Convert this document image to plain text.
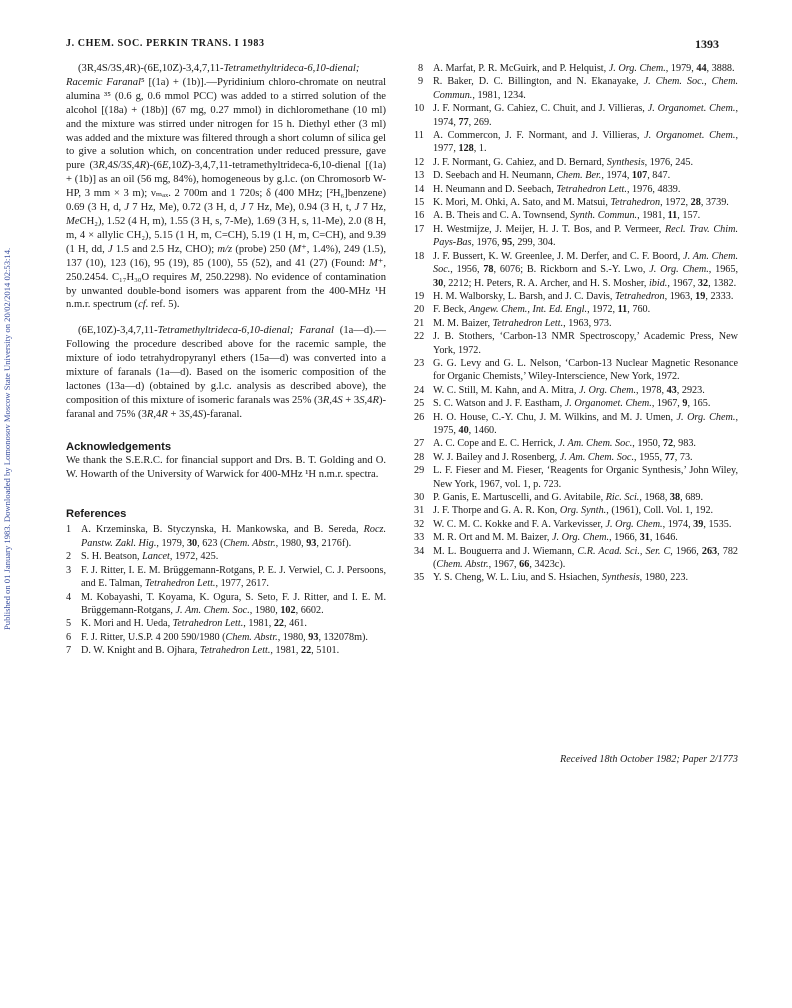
Published on 01 January 1983. Downloaded by Lomonosov Moscow State University on 20/02/2014 02:53:14.
J. CHEM. SOC. PERKIN TRANS. I 1983	1393

(3R,4S/3S,4R)-(6E,10Z)-3,4,7,11-Tetramethyltrideca-6,10-dienal; Racemic Faranal⁵ [(1a) + (1b)].—Pyridinium chloro-chromate on neutral alumina ³⁵ (0.6 g, 0.6 mmol PCC) was added to a stirred solution of the alcohol [(18a) + (18b)] (67 mg, 0.27 mmol) in dichloromethane (10 ml) and the mixture was stirred under nitrogen for 15 h. Diethyl ether (3 ml) was added and the mixture was filtered through a short column of silica gel to give a solution which, on concentration under reduced pressure, gave pure (3R,4S/3S,4R)-(6E,10Z)-3,4,7,11-tetramethyltrideca-6,10-dienal [(1a) + (1b)] as an oil (56 mg, 84%), homogeneous by g.l.c. (on Chromosorb W-HP, 3 mm × 3 m); νₘₐₓ. 2 700m and 1 720s; δ (400 MHz; [²H₆]benzene) 0.69 (3 H, d, J 7 Hz, Me), 0.72 (3 H, d, J 7 Hz, Me), 0.94 (3 H, t, J 7 Hz, MeCH₂), 1.52 (4 H, m), 1.55 (3 H, s, 7-Me), 1.69 (3 H, s, 11-Me), 2.0 (8 H, m, 4 × allylic CH₂), 5.15 (1 H, m, C=CH), 5.19 (1 H, m, C=CH), and 9.39 (1 H, dd, J 1.5 and 2.5 Hz, CHO); m/z (probe) 250 (M⁺, 1.4%), 249 (1.5), 137 (10), 123 (16), 95 (19), 85 (100), 55 (52), and 41 (27) (Found: M⁺, 250.2454. C₁₇H₃₀O requires M, 250.2298). No evidence of contamination by unwanted double-bond isomers was apparent from the 400-MHz ¹H n.m.r. spectrum (cf. ref. 5).

(6E,10Z)-3,4,7,11-Tetramethyltrideca-6,10-dienal; Faranal (1a—d).—Following the procedure described above for the racemic sample, the mixture of iodo tetrahydropyranyl ethers (15a—d) was converted into a mixture of faranals (1a—d). Based on the isomeric composition of the lactones (13a—d) (obtained by g.l.c. analysis as described above), the composition of this mixture of isomeric faranals was 25% (3R,4S + 3S,4R)-faranal and 75% (3R,4R + 3S,4S)-faranal.

Acknowledgements

We thank the S.E.R.C. for financial support and Drs. B. T. Golding and O. W. Howarth of the University of Warwick for 400-MHz ¹H n.m.r. spectra.

References
1 A. Krzeminska, B. Styczynska, H. Mankowska, and B. Sereda, Rocz. Panstw. Zakl. Hig., 1979, 30, 623 (Chem. Abstr., 1980, 93, 2176f).
2 S. H. Beatson, Lancet, 1972, 425.
3 F. J. Ritter, I. E. M. Brüggemann-Rotgans, P. E. J. Verwiel, C. J. Persoons, and E. Talman, Tetrahedron Lett., 1977, 2617.
4 M. Kobayashi, T. Koyama, K. Ogura, S. Seto, F. J. Ritter, and I. E. M. Brüggemann-Rotgans, J. Am. Chem. Soc., 1980, 102, 6602.
5 K. Mori and H. Ueda, Tetrahedron Lett., 1981, 22, 461.
6 F. J. Ritter, U.S.P. 4 200 590/1980 (Chem. Abstr., 1980, 93, 132078m).
7 D. W. Knight and B. Ojhara, Tetrahedron Lett., 1981, 22, 5101.
8 A. Marfat, P. R. McGuirk, and P. Helquist, J. Org. Chem., 1979, 44, 3888.
9 R. Baker, D. C. Billington, and N. Ekanayake, J. Chem. Soc., Chem. Commun., 1981, 1234.
10 J. F. Normant, G. Cahiez, C. Chuit, and J. Villieras, J. Organomet. Chem., 1974, 77, 269.
11 A. Commercon, J. F. Normant, and J. Villieras, J. Organomet. Chem., 1977, 128, 1.
12 J. F. Normant, G. Cahiez, and D. Bernard, Synthesis, 1976, 245.
13 D. Seebach and H. Neumann, Chem. Ber., 1974, 107, 847.
14 H. Neumann and D. Seebach, Tetrahedron Lett., 1976, 4839.
15 K. Mori, M. Ohki, A. Sato, and M. Matsui, Tetrahedron, 1972, 28, 3739.
16 A. B. Theis and C. A. Townsend, Synth. Commun., 1981, 11, 157.
17 H. Westmijze, J. Meijer, H. J. T. Bos, and P. Vermeer, Recl. Trav. Chim. Pays-Bas, 1976, 95, 299, 304.
18 J. F. Bussert, K. W. Greenlee, J. M. Derfer, and C. F. Boord, J. Am. Chem. Soc., 1956, 78, 6076; B. Rickborn and S.-Y. Lwo, J. Org. Chem., 1965, 30, 2212; H. Peters, R. A. Archer, and H. S. Mosher, ibid., 1967, 32, 1382.
19 H. M. Walborsky, L. Barsh, and J. C. Davis, Tetrahedron, 1963, 19, 2333.
20 F. Beck, Angew. Chem., Int. Ed. Engl., 1972, 11, 760.
21 M. M. Baizer, Tetrahedron Lett., 1963, 973.
22 J. B. Stothers, ‘Carbon-13 NMR Spectroscopy,’ Academic Press, New York, 1972.
23 G. G. Levy and G. L. Nelson, ‘Carbon-13 Nuclear Magnetic Resonance for Organic Chemists,’ Wiley-Interscience, New York, 1972.
24 W. C. Still, M. Kahn, and A. Mitra, J. Org. Chem., 1978, 43, 2923.
25 S. C. Watson and J. F. Eastham, J. Organomet. Chem., 1967, 9, 165.
26 H. O. House, C.-Y. Chu, J. M. Wilkins, and M. J. Umen, J. Org. Chem., 1975, 40, 1460.
27 A. C. Cope and E. C. Herrick, J. Am. Chem. Soc., 1950, 72, 983.
28 W. J. Bailey and J. Rosenberg, J. Am. Chem. Soc., 1955, 77, 73.
29 L. F. Fieser and M. Fieser, ‘Reagents for Organic Synthesis,’ John Wiley, New York, 1967, vol. 1, p. 723.
30 P. Ganis, E. Martuscelli, and G. Avitabile, Ric. Sci., 1968, 38, 689.
31 J. F. Thorpe and G. A. R. Kon, Org. Synth., (1961), Coll. Vol. 1, 192.
32 W. C. M. C. Kokke and F. A. Varkevisser, J. Org. Chem., 1974, 39, 1535.
33 M. R. Ort and M. M. Baizer, J. Org. Chem., 1966, 31, 1646.
34 M. L. Bouguerra and J. Wiemann, C.R. Acad. Sci., Ser. C, 1966, 263, 782 (Chem. Abstr., 1967, 66, 3423c).
35 Y. S. Cheng, W. L. Liu, and S. Hsiachen, Synthesis, 1980, 223.
Received 18th October 1982; Paper 2/1773
